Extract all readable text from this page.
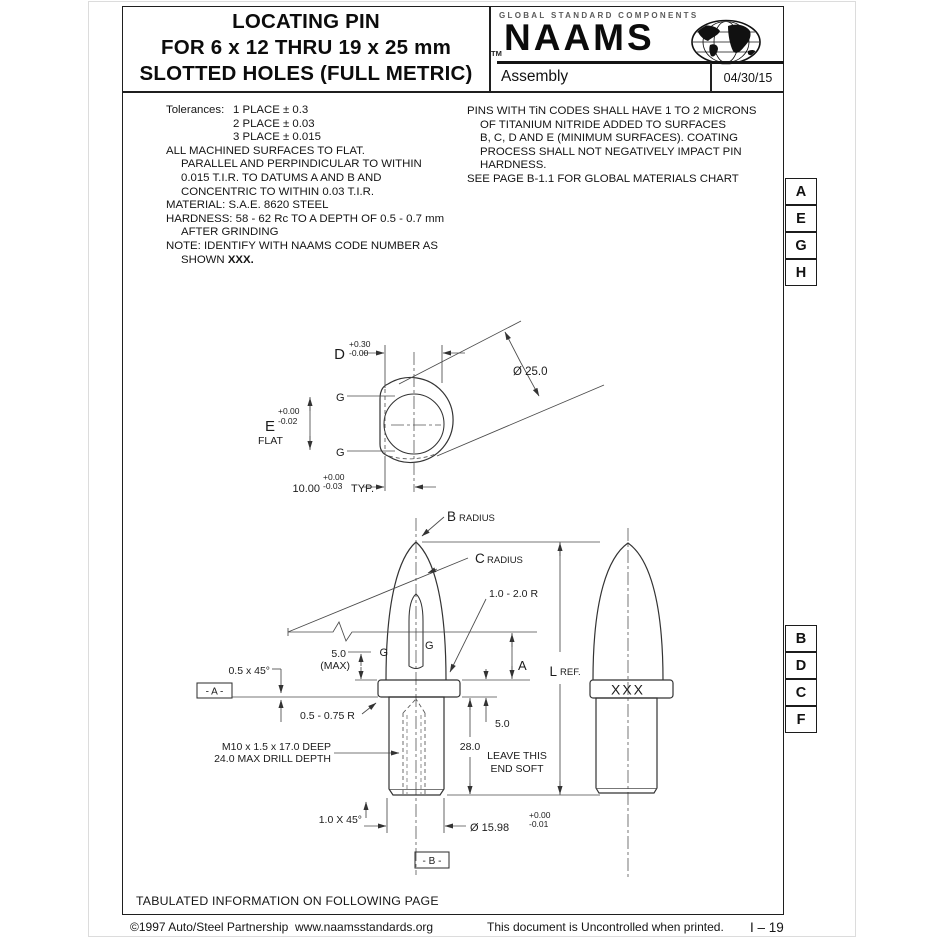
LOCATING PIN
FOR 6 x 12 THRU 19 x 25 mm
SLOTTED HOLES (FULL METRIC)
GLOBAL STANDARD COMPONENTS
TM NAAMS
Assembly	04/30/15
Tolerances: 1 PLACE ± 0.3
2 PLACE ± 0.03
3 PLACE ± 0.015
ALL MACHINED SURFACES TO FLAT.
PARALLEL AND PERPINDICULAR TO WITHIN
0.015 T.I.R. TO DATUMS A AND B AND
CONCENTRIC TO WITHIN 0.03 T.I.R.
MATERIAL: S.A.E. 8620 STEEL
HARDNESS: 58 - 62 Rc TO A DEPTH OF 0.5 - 0.7 mm
AFTER GRINDING
NOTE: IDENTIFY WITH NAAMS CODE NUMBER AS
SHOWN XXX.
PINS WITH TiN CODES SHALL HAVE 1 TO 2 MICRONS
OF TITANIUM NITRIDE ADDED TO SURFACES
B, C, D AND E (MINIMUM SURFACES). COATING
PROCESS SHALL NOT NEGATIVELY IMPACT PIN
HARDNESS.
SEE PAGE B-1.1 FOR GLOBAL MATERIALS CHART
A
E
G
H
B
D
C
F
D
+0.30
-0.00
Ø 25.0
G
G
E
+0.00
-0.02
FLAT
10.00
+0.00
-0.03 TYP.
B RADIUS
C RADIUS
1.0 - 2.0 R
G
G
5.0
(MAX)
0.5 x 45°
- A -
0.5 - 0.75 R
M10 x 1.5 x 17.0 DEEP
24.0 MAX DRILL DEPTH
A
5.0
28.0
LEAVE THIS
END SOFT
L REF.
Ø 15.98
+0.00
-0.01
1.0 X 45°
- B -
XXX
TABULATED INFORMATION ON FOLLOWING PAGE
©1997 Auto/Steel Partnership www.naamsstandards.org	This document is Uncontrolled when printed. I – 19
